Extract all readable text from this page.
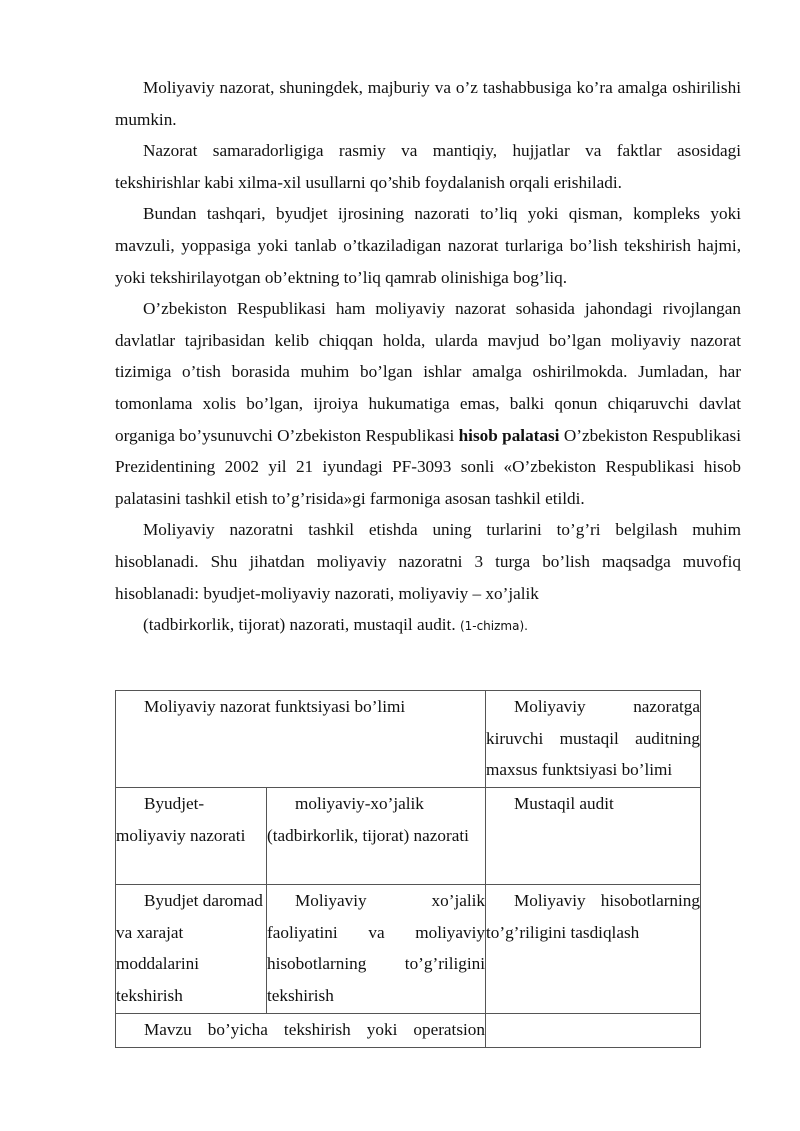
Moliyaviy nazorat, shuningdek, majburiy va o’z tashabbusiga ko’ra amalga oshirilishi mumkin.

Nazorat samaradorligiga rasmiy va mantiqiy, hujjatlar va faktlar asosidagi tekshirishlar kabi xilma-xil usullarni qo’shib foydalanish orqali erishiladi.

Bundan tashqari, byudjet ijrosining nazorati to’liq yoki qisman, kompleks yoki mavzuli, yoppasiga yoki tanlab o’tkaziladigan nazorat turlariga bo’lish tekshirish hajmi, yoki tekshirilayotgan ob’ektning to’liq qamrab olinishiga bog’liq.

O’zbekiston Respublikasi ham moliyaviy nazorat sohasida jahondagi rivojlangan davlatlar tajribasidan kelib chiqqan holda, ularda mavjud bo’lgan moliyaviy nazorat tizimiga o’tish borasida muhim bo’lgan ishlar amalga oshirilmokda. Jumladan, har tomonlama xolis bo’lgan, ijroiya hukumatiga emas, balki qonun chiqaruvchi davlat organiga bo’ysunuvchi O’zbekiston Respublikasi hisob palatasi O’zbekiston Respublikasi Prezidentining 2002 yil 21 iyundagi PF-3093 sonli «O’zbekiston Respublikasi hisob palatasini tashkil etish to’g’risida»gi farmoniga asosan tashkil etildi.

Moliyaviy nazoratni tashkil etishda uning turlarini to’g’ri belgilash muhim hisoblanadi. Shu jihatdan moliyaviy nazoratni 3 turga bo’lish maqsadga muvofiq hisoblanadi: byudjet-moliyaviy nazorati, moliyaviy – xo’jalik

(tadbirkorlik, tijorat) nazorati, mustaqil audit. (1-chizma).

Moliyaviy nazorat funktsiyasi bo’limi		Moliyaviy nazoratga kiruvchi mustaqil auditning maxsus funktsiyasi bo’limi

Byudjet-moliyaviy nazorati	moliyaviy-xo’jalik (tadbirkorlik, tijorat) nazorati	Mustaqil audit

Byudjet daromad va xarajat moddalarini tekshirish	Moliyaviy xo’jalik faoliyatini va moliyaviy hisobotlarning to’g’riligini tekshirish	Moliyaviy hisobotlarning to’g’riligini tasdiqlash

Mavzu bo’yicha tekshirish yoki operatsion		
